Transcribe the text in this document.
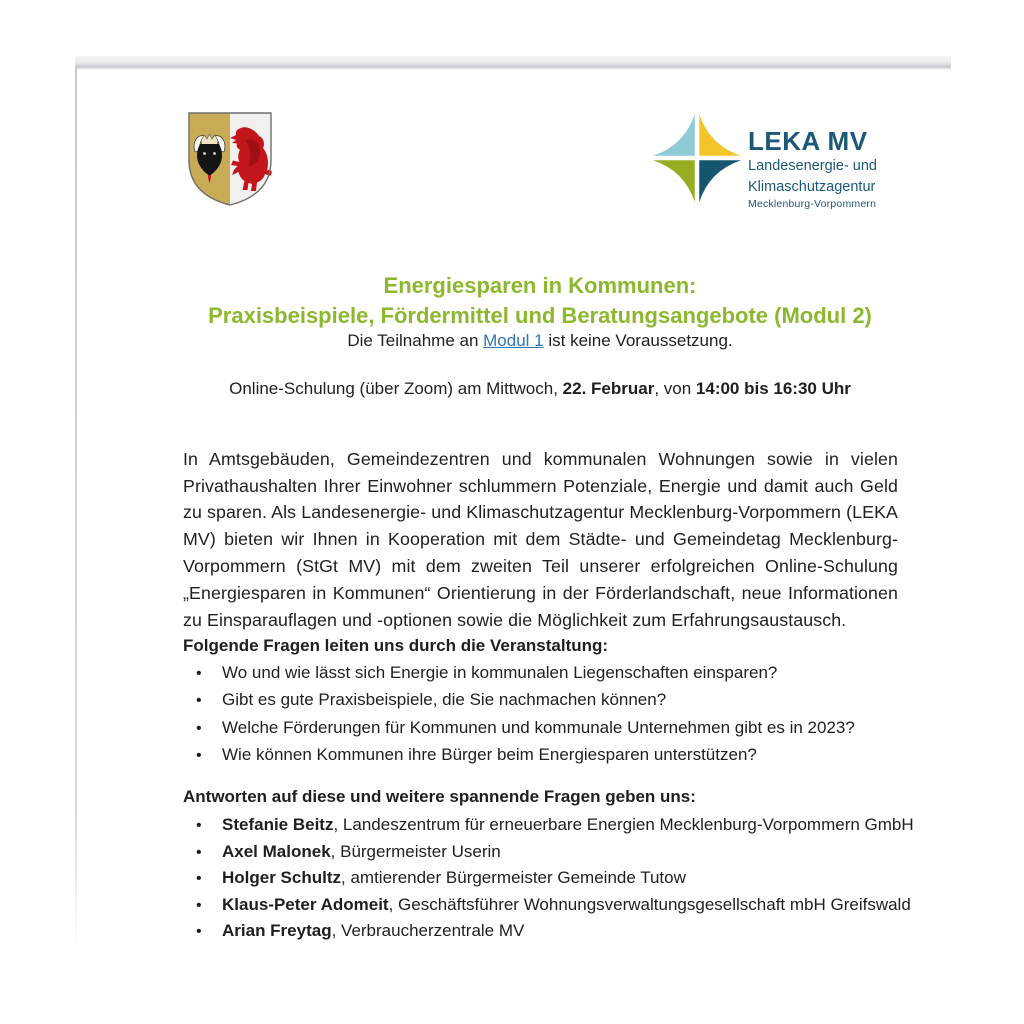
LEKA MV
Landesenergie- und
Klimaschutzagentur
Mecklenburg-Vorpommern
Energiesparen in Kommunen:
Praxisbeispiele, Fördermittel und Beratungsangebote (Modul 2)
Die Teilnahme an Modul 1 ist keine Voraussetzung.
Online-Schulung (über Zoom) am Mittwoch, 22. Februar, von 14:00 bis 16:30 Uhr

In Amtsgebäuden, Gemeindezentren und kommunalen Wohnungen sowie in vielen Privathaushalten Ihrer Einwohner schlummern Potenziale, Energie und damit auch Geld zu sparen. Als Landesenergie- und Klimaschutzagentur Mecklenburg-Vorpommern (LEKA MV) bieten wir Ihnen in Kooperation mit dem Städte- und Gemeindetag Mecklenburg-Vorpommern (StGt MV) mit dem zweiten Teil unserer erfolgreichen Online-Schulung „Energiesparen in Kommunen“ Orientierung in der Förderlandschaft, neue Informationen zu Einsparauflagen und -optionen sowie die Möglichkeit zum Erfahrungsaustausch.

Folgende Fragen leiten uns durch die Veranstaltung:
•
Wo und wie lässt sich Energie in kommunalen Liegenschaften einsparen?
•
Gibt es gute Praxisbeispiele, die Sie nachmachen können?
•
Welche Förderungen für Kommunen und kommunale Unternehmen gibt es in 2023?
•
Wie können Kommunen ihre Bürger beim Energiesparen unterstützen?
Antworten auf diese und weitere spannende Fragen geben uns:
•
Stefanie Beitz, Landeszentrum für erneuerbare Energien Mecklenburg-Vorpommern GmbH
•
Axel Malonek, Bürgermeister Userin
•
Holger Schultz, amtierender Bürgermeister Gemeinde Tutow
•
Klaus-Peter Adomeit, Geschäftsführer Wohnungsverwaltungsgesellschaft mbH Greifswald
•
Arian Freytag, Verbraucherzentrale MV
